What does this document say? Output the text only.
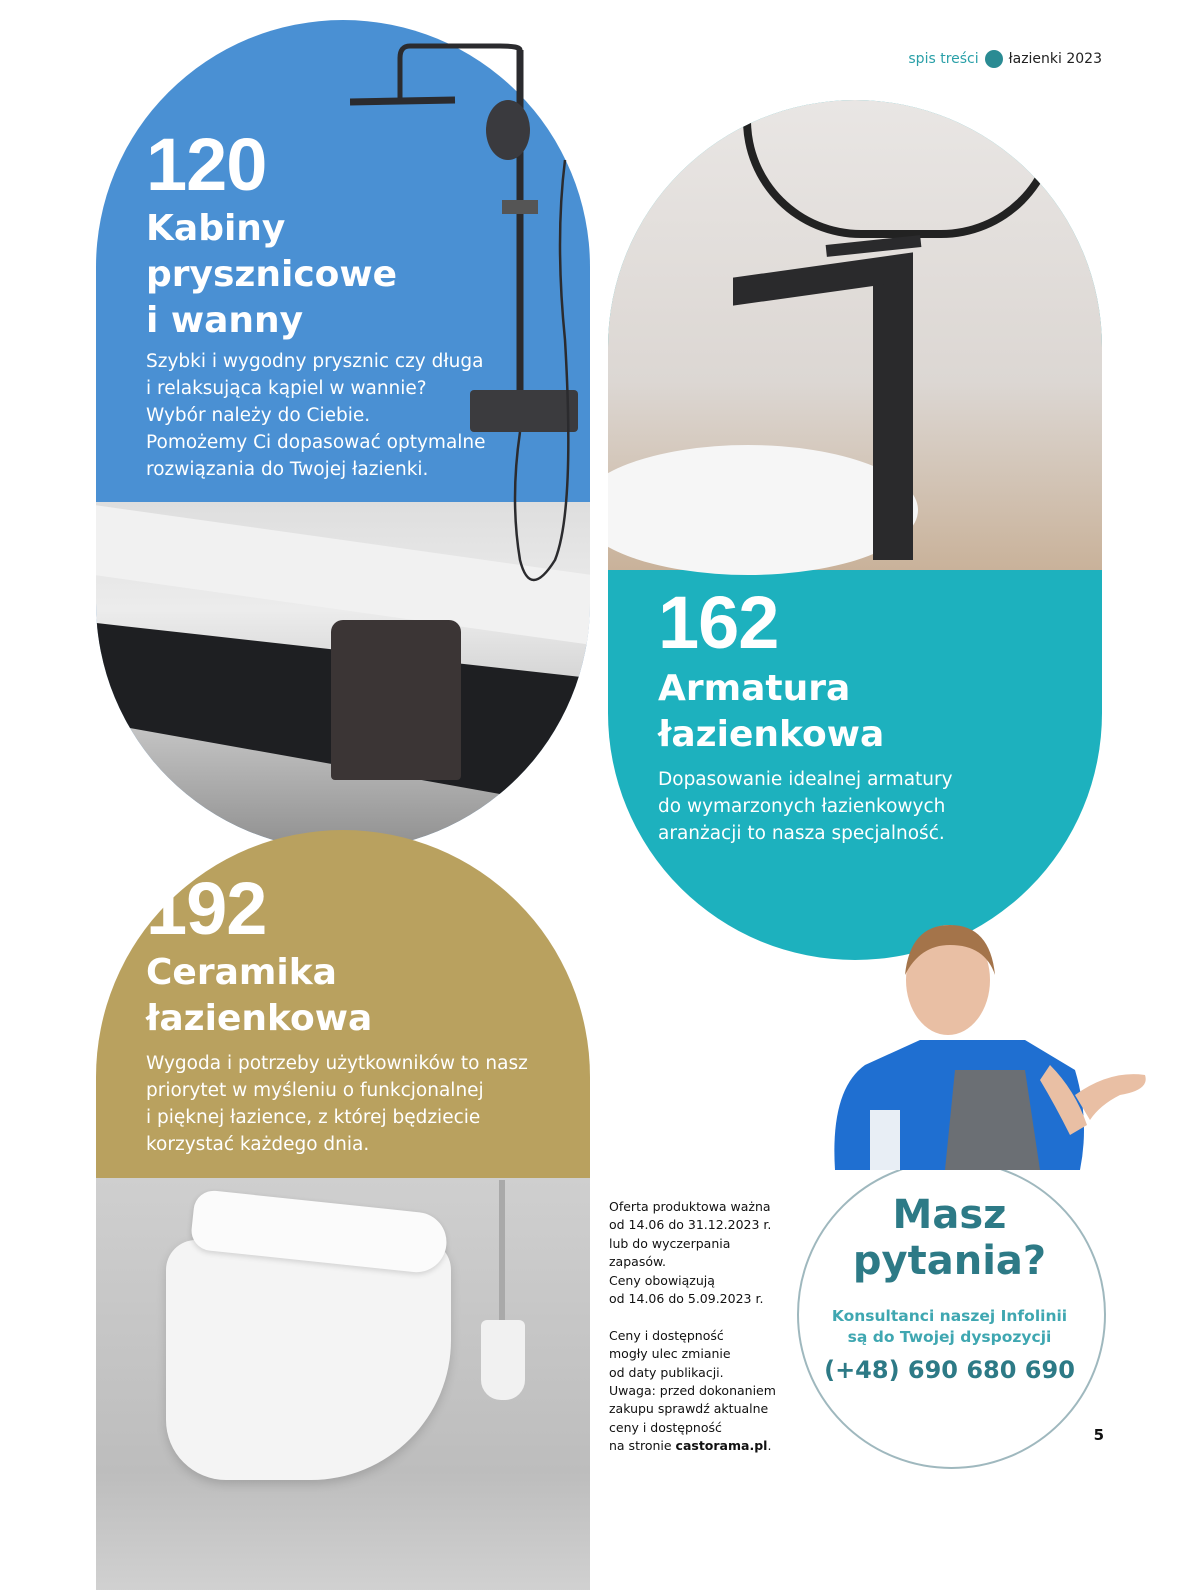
spis treści łazienki 2023
120
Kabiny
prysznicowe
i wanny
Szybki i wygodny prysznic czy długa
i relaksująca kąpiel w wannie?
Wybór należy do Ciebie.
Pomożemy Ci dopasować optymalne
rozwiązania do Twojej łazienki.
162
Armatura
łazienkowa
Dopasowanie idealnej armatury
do wymarzonych łazienkowych
aranżacji to nasza specjalność.
192
Ceramika
łazienkowa
Wygoda i potrzeby użytkowników to nasz
priorytet w myśleniu o funkcjonalnej
i pięknej łazience, z której będziecie
korzystać każdego dnia.
Oferta produktowa ważna
od 14.06 do 31.12.2023 r.
lub do wyczerpania
zapasów.
Ceny obowiązują
od 14.06 do 5.09.2023 r.
Ceny i dostępność
mogły ulec zmianie
od daty publikacji.
Uwaga: przed dokonaniem
zakupu sprawdź aktualne
ceny i dostępność
na stronie castorama.pl.
Masz
pytania?
Konsultanci naszej Infolinii
są do Twojej dyspozycji
(+48) 690 680 690
5
